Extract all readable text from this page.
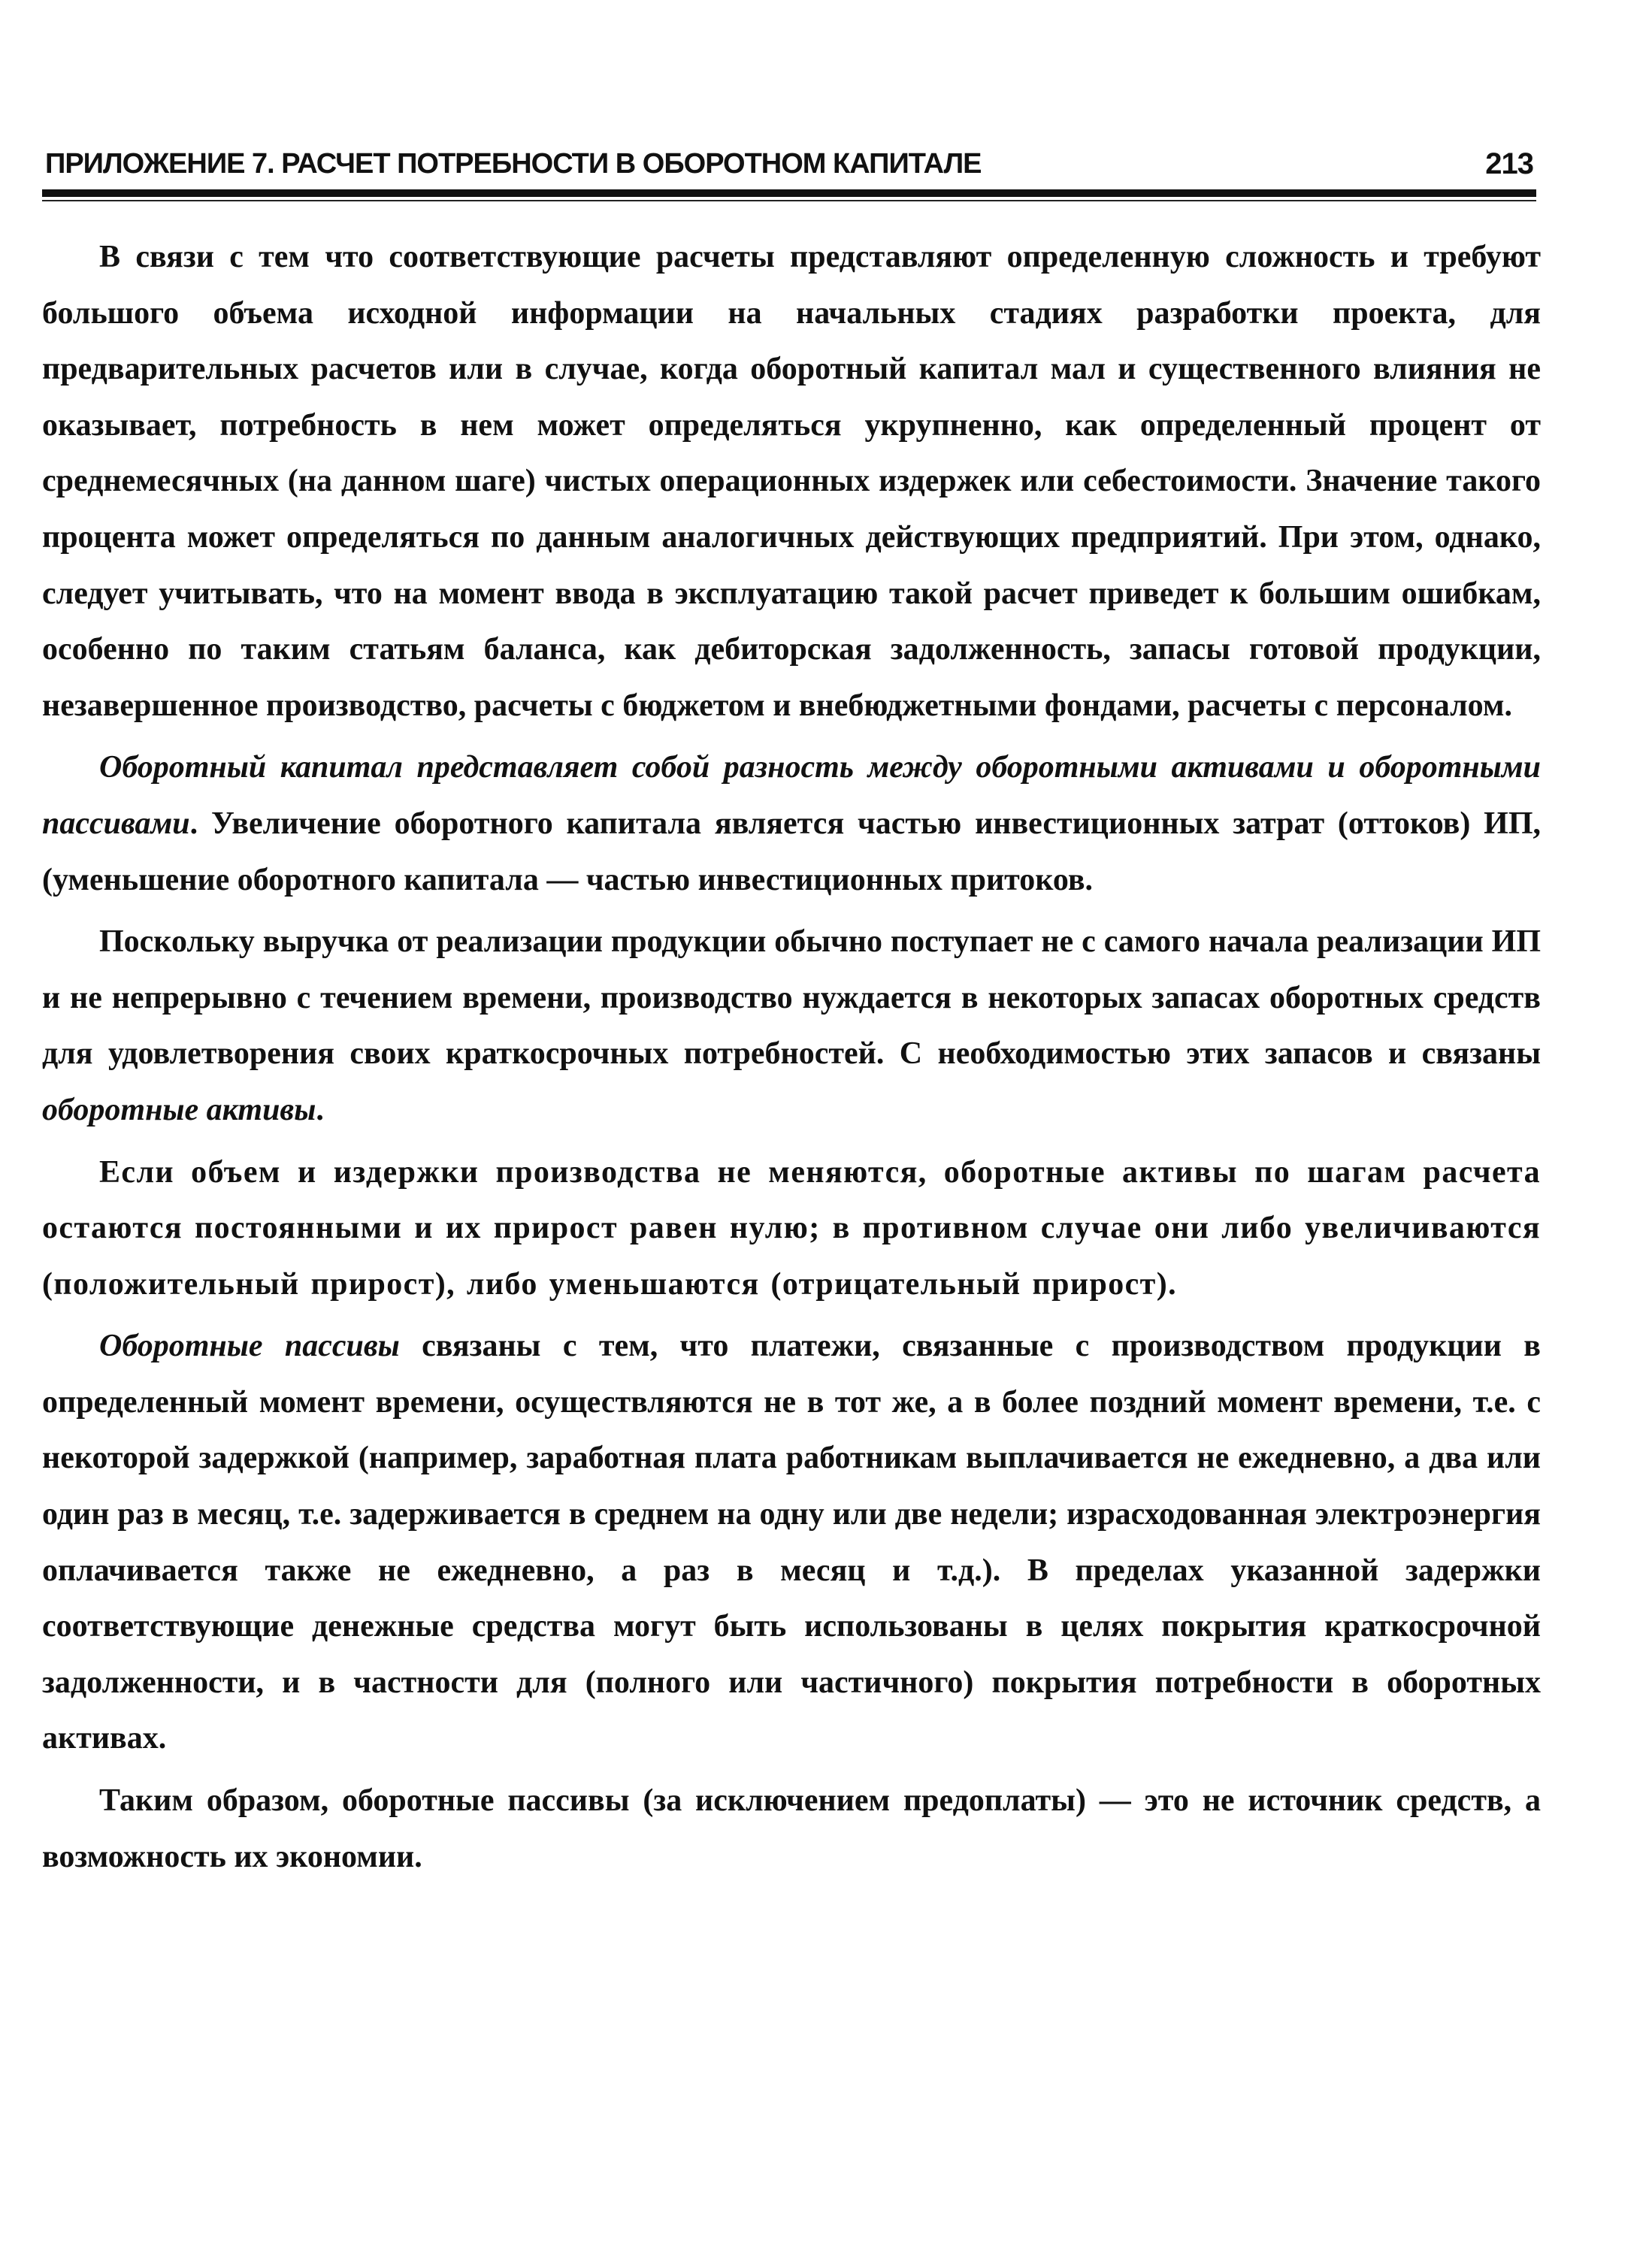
ПРИЛОЖЕНИЕ 7. РАСЧЕТ ПОТРЕБНОСТИ В ОБОРОТНОМ КАПИТАЛЕ	213

В связи с тем что соответствующие расчеты представляют определенную сложность и требуют большого объема исходной информации на начальных стадиях разработки проекта, для предварительных расчетов или в случае, когда оборотный капитал мал и существенного влияния не оказывает, потребность в нем может определяться укрупненно, как определенный процент от среднемесячных (на данном шаге) чистых операционных издержек или себестоимости. Значение такого процента может определяться по данным аналогичных действующих предприятий. При этом, однако, следует учитывать, что на момент ввода в эксплуатацию такой расчет приведет к большим ошибкам, особенно по таким статьям баланса, как дебиторская задолженность, запасы готовой продукции, незавершенное производство, расчеты с бюджетом и внебюджетными фондами, расчеты с персоналом.

Оборотный капитал представляет собой разность между оборотными активами и оборотными пассивами. Увеличение оборотного капитала является частью инвестиционных затрат (оттоков) ИП, (уменьшение оборотного капитала — частью инвестиционных притоков.

Поскольку выручка от реализации продукции обычно поступает не с самого начала реализации ИП и не непрерывно с течением времени, производство нуждается в некоторых запасах оборотных средств для удовлетворения своих краткосрочных потребностей. С необходимостью этих запасов и связаны оборотные активы.

Если объем и издержки производства не меняются, оборотные активы по шагам расчета остаются постоянными и их прирост равен нулю; в противном случае они либо увеличиваются (положительный прирост), либо уменьшаются (отрицательный прирост).

Оборотные пассивы связаны с тем, что платежи, связанные с производством продукции в определенный момент времени, осуществляются не в тот же, а в более поздний момент времени, т.е. с некоторой задержкой (например, заработная плата работникам выплачивается не ежедневно, а два или один раз в месяц, т.е. задерживается в среднем на одну или две недели; израсходованная электроэнергия оплачивается также не ежедневно, а раз в месяц и т.д.). В пределах указанной задержки соответствующие денежные средства могут быть использованы в целях покрытия краткосрочной задолженности, и в частности для (полного или частичного) покрытия потребности в оборотных активах.

Таким образом, оборотные пассивы (за исключением предоплаты) — это не источник средств, а возможность их экономии.
